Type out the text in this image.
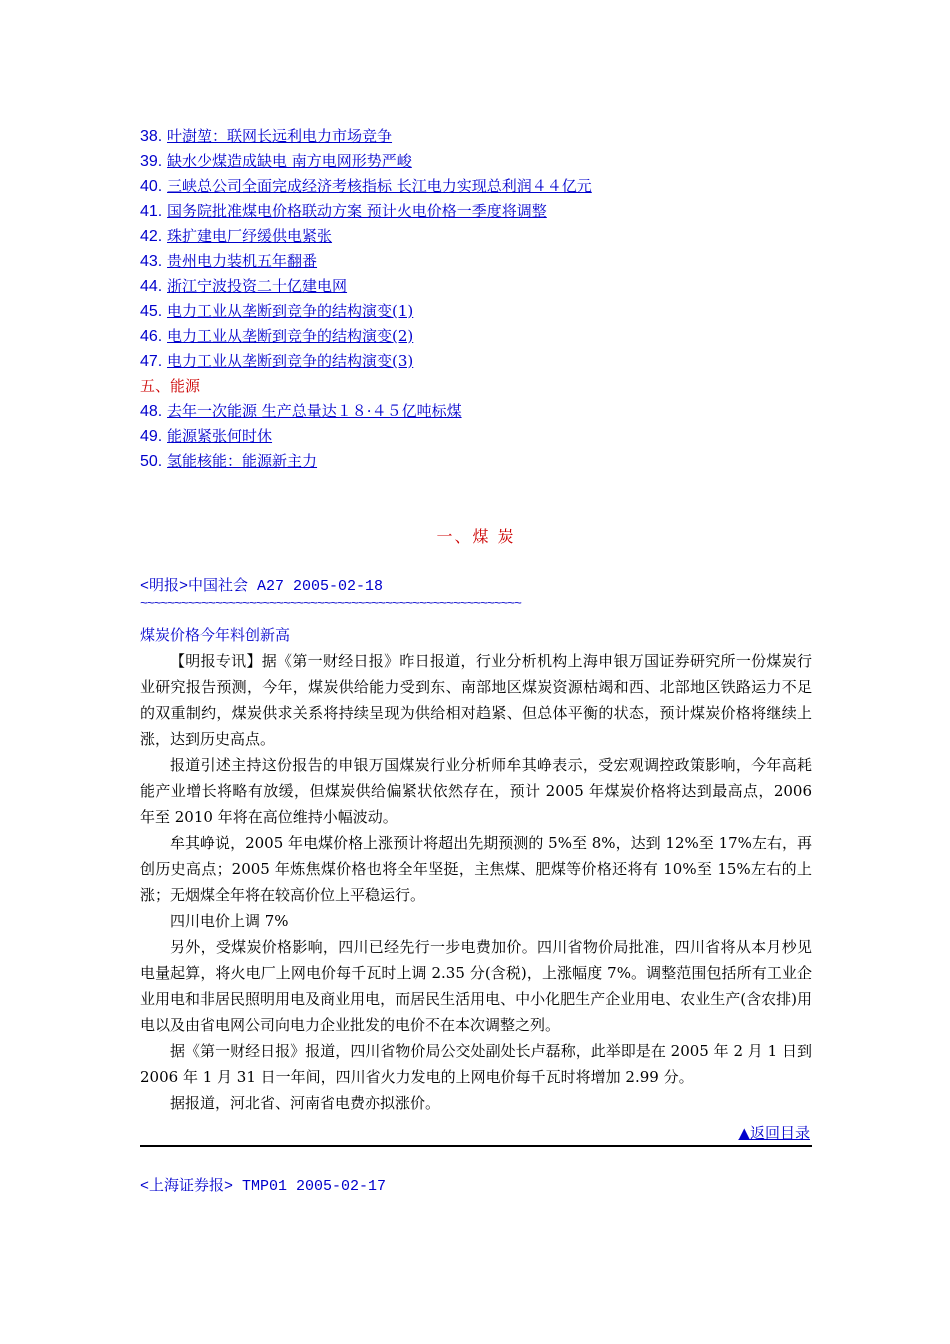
38. 叶澍堃：联网长远利电力市场竞争
39. 缺水少煤造成缺电 南方电网形势严峻
40. 三峡总公司全面完成经济考核指标 长江电力实现总利润４４亿元
41. 国务院批准煤电价格联动方案 预计火电价格一季度将调整
42. 珠扩建电厂纾缓供电紧张
43. 贵州电力装机五年翻番
44. 浙江宁波投资二十亿建电网
45. 电力工业从垄断到竞争的结构演变(1)
46. 电力工业从垄断到竞争的结构演变(2)
47. 电力工业从垄断到竞争的结构演变(3)
五、能源
48. 去年一次能源 生产总量达１８·４５亿吨标煤
49. 能源紧张何时休
50. 氢能核能：能源新主力
一、煤 炭
<明报>中国社会 A27 2005-02-18
~~~~~~~~~~~~~~~~~~~~~~~~~~~~~~~~~~~~~~~~~~~~~~~~~~~~~~~~
煤炭价格今年料创新高

【明报专讯】据《第一财经日报》昨日报道，行业分析机构上海申银万国证券研究所一份煤炭行业研究报告预测，今年，煤炭供给能力受到东、南部地区煤炭资源枯竭和西、北部地区铁路运力不足的双重制约，煤炭供求关系将持续呈现为供给相对趋紧、但总体平衡的状态，预计煤炭价格将继续上涨，达到历史高点。

报道引述主持这份报告的申银万国煤炭行业分析师牟其峥表示，受宏观调控政策影响，今年高耗能产业增长将略有放缓，但煤炭供给偏紧状依然存在，预计 2005 年煤炭价格将达到最高点，2006 年至 2010 年将在高位维持小幅波动。

牟其峥说，2005 年电煤价格上涨预计将超出先期预测的 5%至 8%，达到 12%至 17%左右，再创历史高点；2005 年炼焦煤价格也将全年坚挺，主焦煤、肥煤等价格还将有 10%至 15%左右的上涨；无烟煤全年将在较高价位上平稳运行。

四川电价上调 7%

另外，受煤炭价格影响，四川已经先行一步电费加价。四川省物价局批准，四川省将从本月杪见电量起算，将火电厂上网电价每千瓦时上调 2.35 分(含税)，上涨幅度 7%。调整范围包括所有工业企业用电和非居民照明用电及商业用电，而居民生活用电、中小化肥生产企业用电、农业生产(含农排)用电以及由省电网公司向电力企业批发的电价不在本次调整之列。

据《第一财经日报》报道，四川省物价局公交处副处长卢磊称，此举即是在 2005 年 2 月 1 日到 2006 年 1 月 31 日一年间，四川省火力发电的上网电价每千瓦时将增加 2.99 分。

据报道，河北省、河南省电费亦拟涨价。

▲返回目录
<上海证券报> TMP01 2005-02-17
